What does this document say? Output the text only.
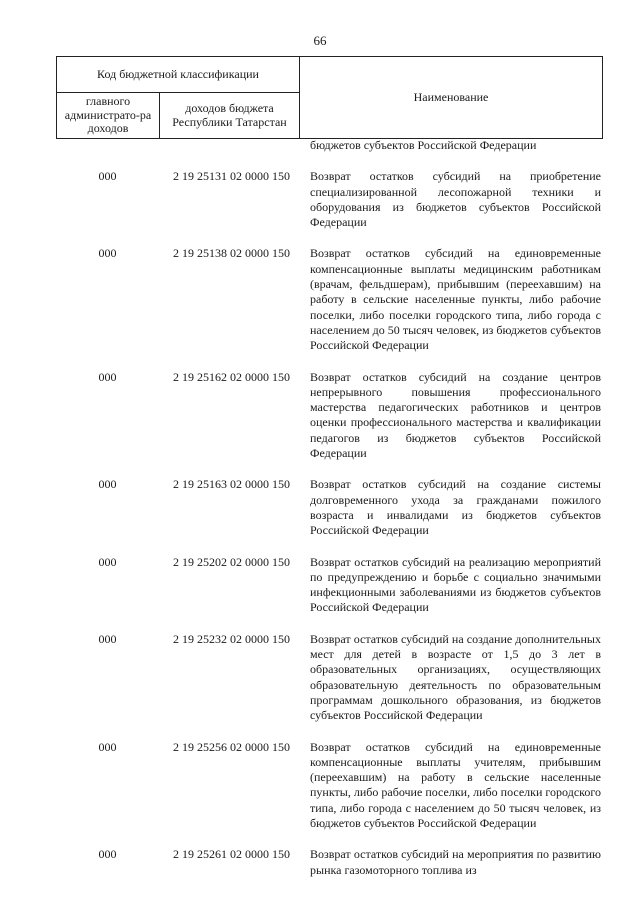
66
Код бюджетной классификации		Наименование
главного администрато-ра доходов	доходов бюджета Республики Татарстан	
бюджетов субъектов Российской Федерации
000	2 19 25131 02 0000 150	Возврат остатков субсидий на приобретение специализированной лесопожарной техники и оборудования из бюджетов субъектов Российской Федерации
000	2 19 25138 02 0000 150	Возврат остатков субсидий на единовременные компенсационные выплаты медицинским работникам (врачам, фельдшерам), прибывшим (переехавшим) на работу в сельские населенные пункты, либо рабочие поселки, либо поселки городского типа, либо города с населением до 50 тысяч человек, из бюджетов субъектов Российской Федерации
000	2 19 25162 02 0000 150	Возврат остатков субсидий на создание центров непрерывного повышения профессионального мастерства педагогических работников и центров оценки профессионального мастерства и квалификации педагогов из бюджетов субъектов Российской Федерации
000	2 19 25163 02 0000 150	Возврат остатков субсидий на создание системы долговременного ухода за гражданами пожилого возраста и инвалидами из бюджетов субъектов Российской Федерации
000	2 19 25202 02 0000 150	Возврат остатков субсидий на реализацию мероприятий по предупреждению и борьбе с социально значимыми инфекционными заболеваниями из бюджетов субъектов Российской Федерации
000	2 19 25232 02 0000 150	Возврат остатков субсидий на создание дополнительных мест для детей в возрасте от 1,5 до 3 лет в образовательных организациях, осуществляющих образовательную деятельность по образовательным программам дошкольного образования, из бюджетов субъектов Российской Федерации
000	2 19 25256 02 0000 150	Возврат остатков субсидий на единовременные компенсационные выплаты учителям, прибывшим (переехавшим) на работу в сельские населенные пункты, либо рабочие поселки, либо поселки городского типа, либо города с населением до 50 тысяч человек, из бюджетов субъектов Российской Федерации
000	2 19 25261 02 0000 150	Возврат остатков субсидий на мероприятия по развитию рынка газомоторного топлива из
